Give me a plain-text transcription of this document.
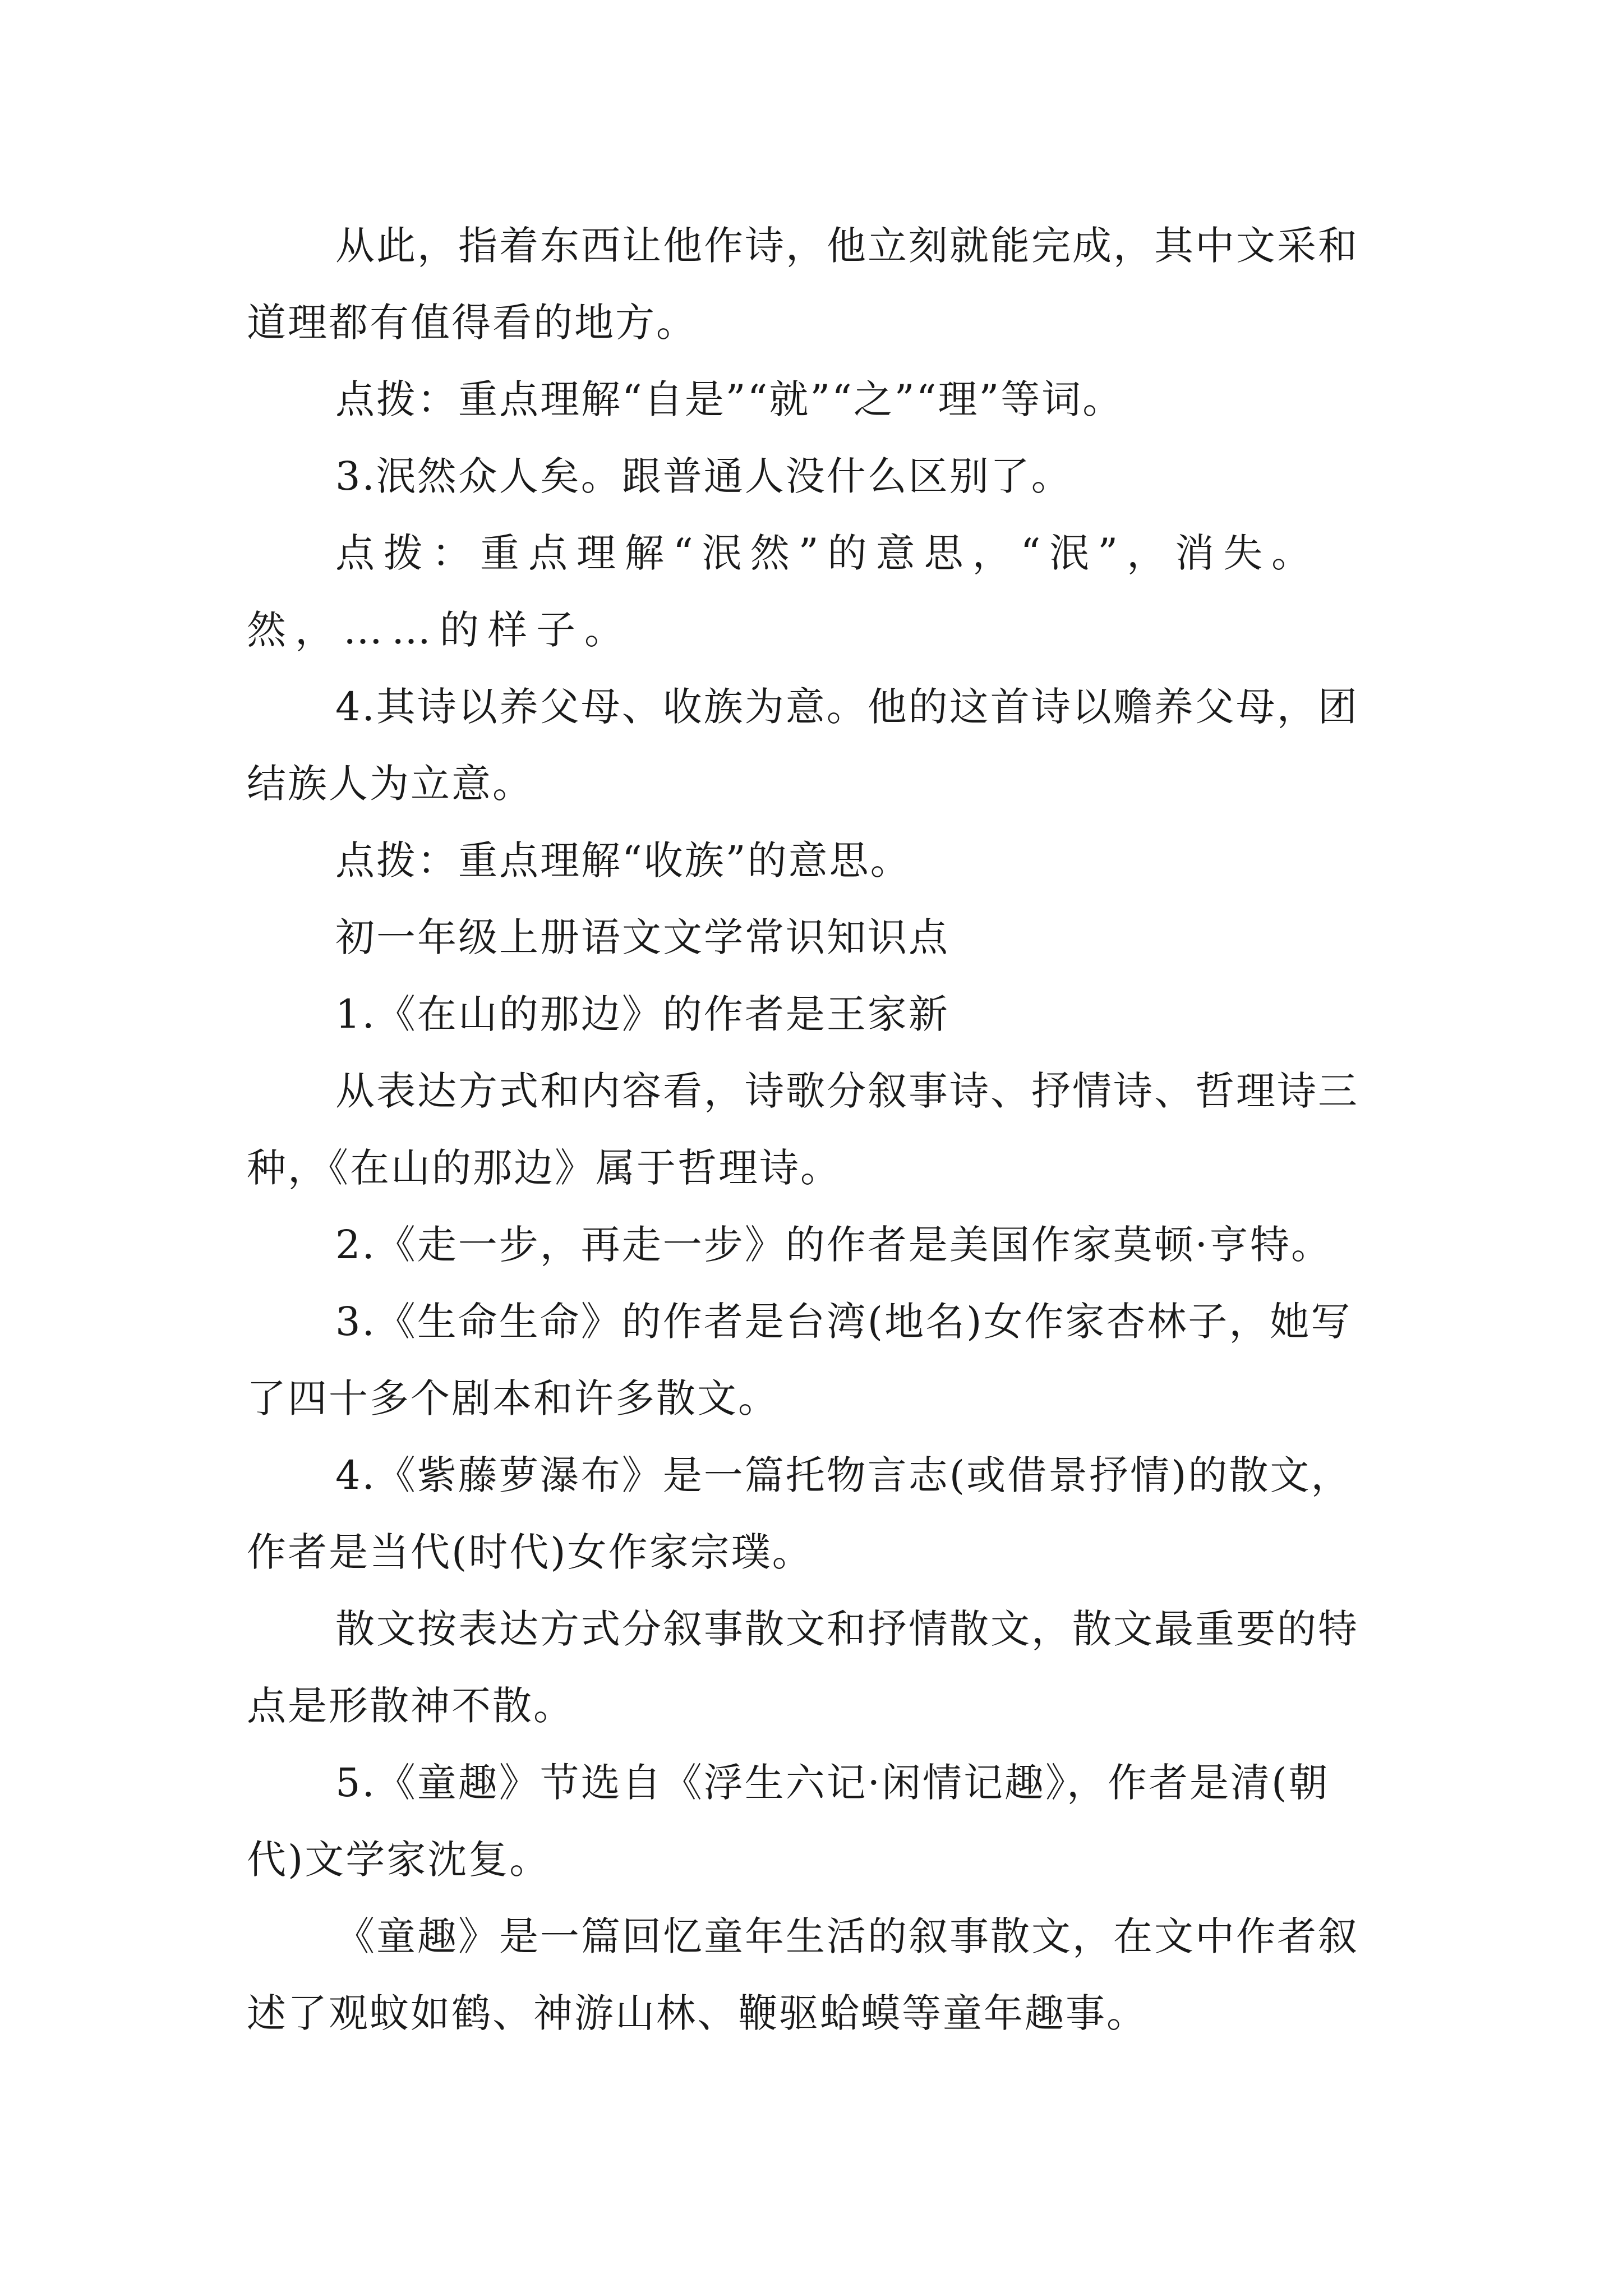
从此，指着东西让他作诗，他立刻就能完成，其中文采和道理都有值得看的地方。

点拨：重点理解“自是”“就”“之”“理”等词。

3.泯然众人矣。跟普通人没什么区别了。

点拨：重点理解“泯然”的意思，“泯”，消失。然，……的样子。

4.其诗以养父母、收族为意。他的这首诗以赡养父母，团结族人为立意。

点拨：重点理解“收族”的意思。

初一年级上册语文文学常识知识点

1.《在山的那边》的作者是王家新

从表达方式和内容看，诗歌分叙事诗、抒情诗、哲理诗三种，《在山的那边》属于哲理诗。

2.《走一步，再走一步》的作者是美国作家莫顿·亨特。

3.《生命生命》的作者是台湾(地名)女作家杏林子，她写了四十多个剧本和许多散文。

4.《紫藤萝瀑布》是一篇托物言志(或借景抒情)的散文，作者是当代(时代)女作家宗璞。

散文按表达方式分叙事散文和抒情散文，散文最重要的特点是形散神不散。

5.《童趣》节选自《浮生六记·闲情记趣》，作者是清(朝代)文学家沈复。

《童趣》是一篇回忆童年生活的叙事散文，在文中作者叙述了观蚊如鹤、神游山林、鞭驱蛤蟆等童年趣事。
